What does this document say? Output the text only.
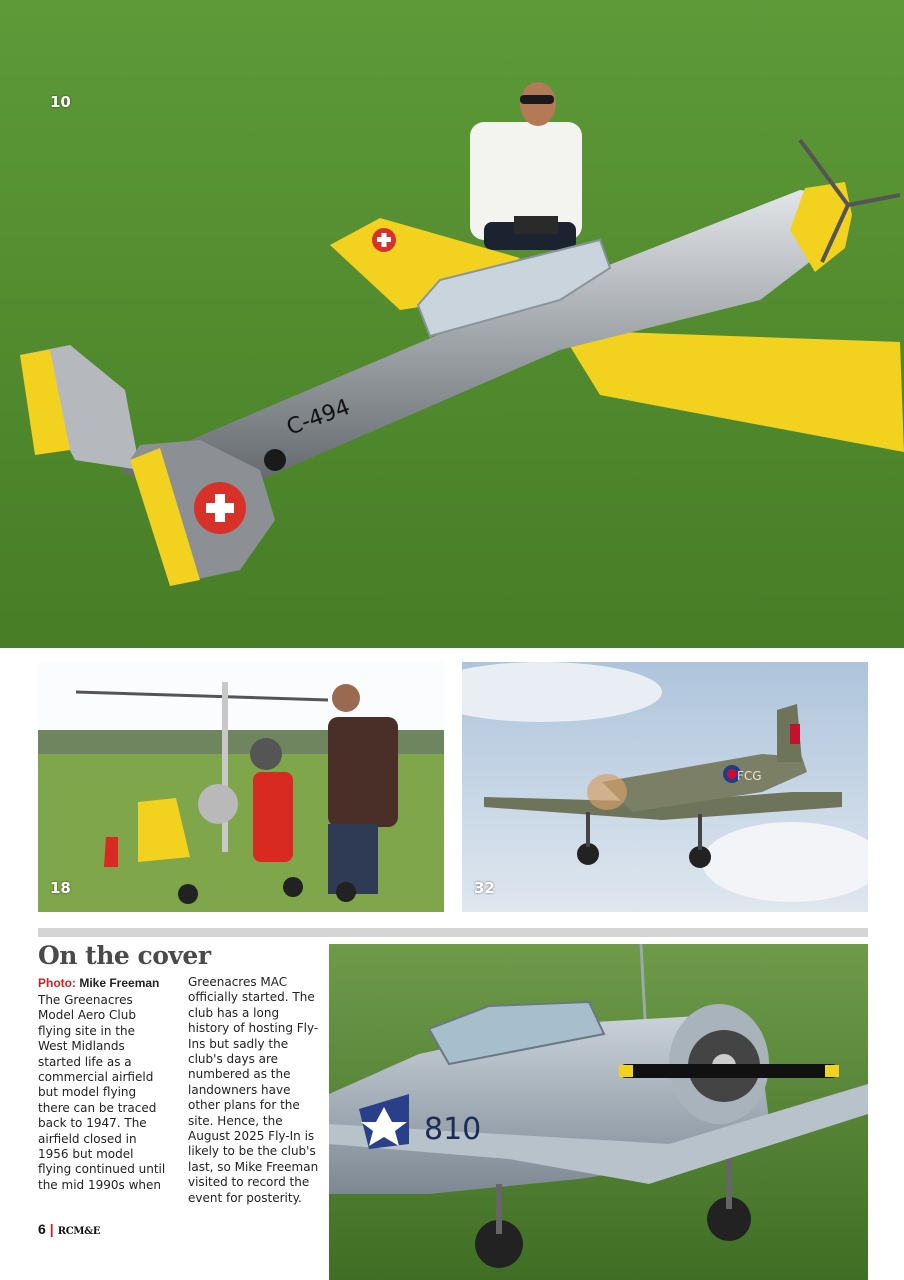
C-494
10
18
FCG
32
On the cover
Photo: Mike Freeman
The Greenacres Model Aero Club flying site in the West Midlands started life as a commercial airfield but model flying there can be traced back to 1947. The airfield closed in 1956 but model flying continued until the mid 1990s when
Greenacres MAC officially started. The club has a long history of hosting Fly-Ins but sadly the club's days are numbered as the landowners have other plans for the site. Hence, the August 2025 Fly-In is likely to be the club's last, so Mike Freeman visited to record the event for posterity.
810
6 | RCM&E
